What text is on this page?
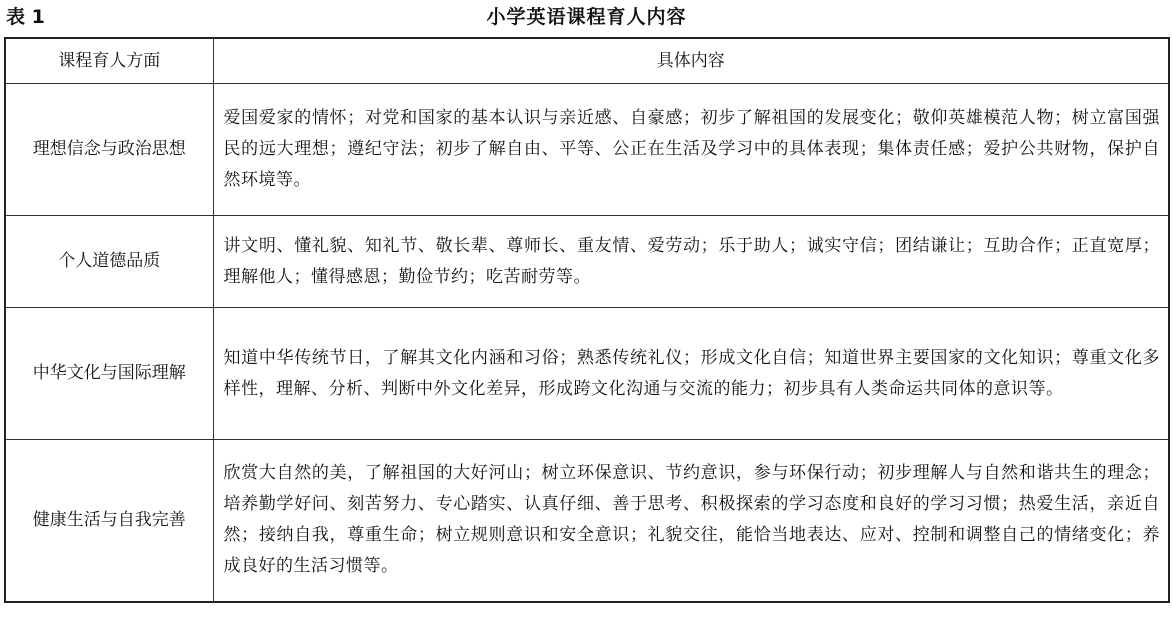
表 1	小学英语课程育人内容
课程育人方面	具体内容
理想信念与政治思想	爱国爱家的情怀；对党和国家的基本认识与亲近感、自豪感；初步了解祖国的发展变化；敬仰英雄模范人物；树立富国强民的远大理想；遵纪守法；初步了解自由、平等、公正在生活及学习中的具体表现；集体责任感；爱护公共财物，保护自然环境等。
个人道德品质	讲文明、懂礼貌、知礼节、敬长辈、尊师长、重友情、爱劳动；乐于助人；诚实守信；团结谦让；互助合作；正直宽厚；理解他人；懂得感恩；勤俭节约；吃苦耐劳等。
中华文化与国际理解	知道中华传统节日，了解其文化内涵和习俗；熟悉传统礼仪；形成文化自信；知道世界主要国家的文化知识；尊重文化多样性，理解、分析、判断中外文化差异，形成跨文化沟通与交流的能力；初步具有人类命运共同体的意识等。
健康生活与自我完善	欣赏大自然的美，了解祖国的大好河山；树立环保意识、节约意识，参与环保行动；初步理解人与自然和谐共生的理念；培养勤学好问、刻苦努力、专心踏实、认真仔细、善于思考、积极探索的学习态度和良好的学习习惯；热爱生活，亲近自然；接纳自我，尊重生命；树立规则意识和安全意识；礼貌交往，能恰当地表达、应对、控制和调整自己的情绪变化；养成良好的生活习惯等。
